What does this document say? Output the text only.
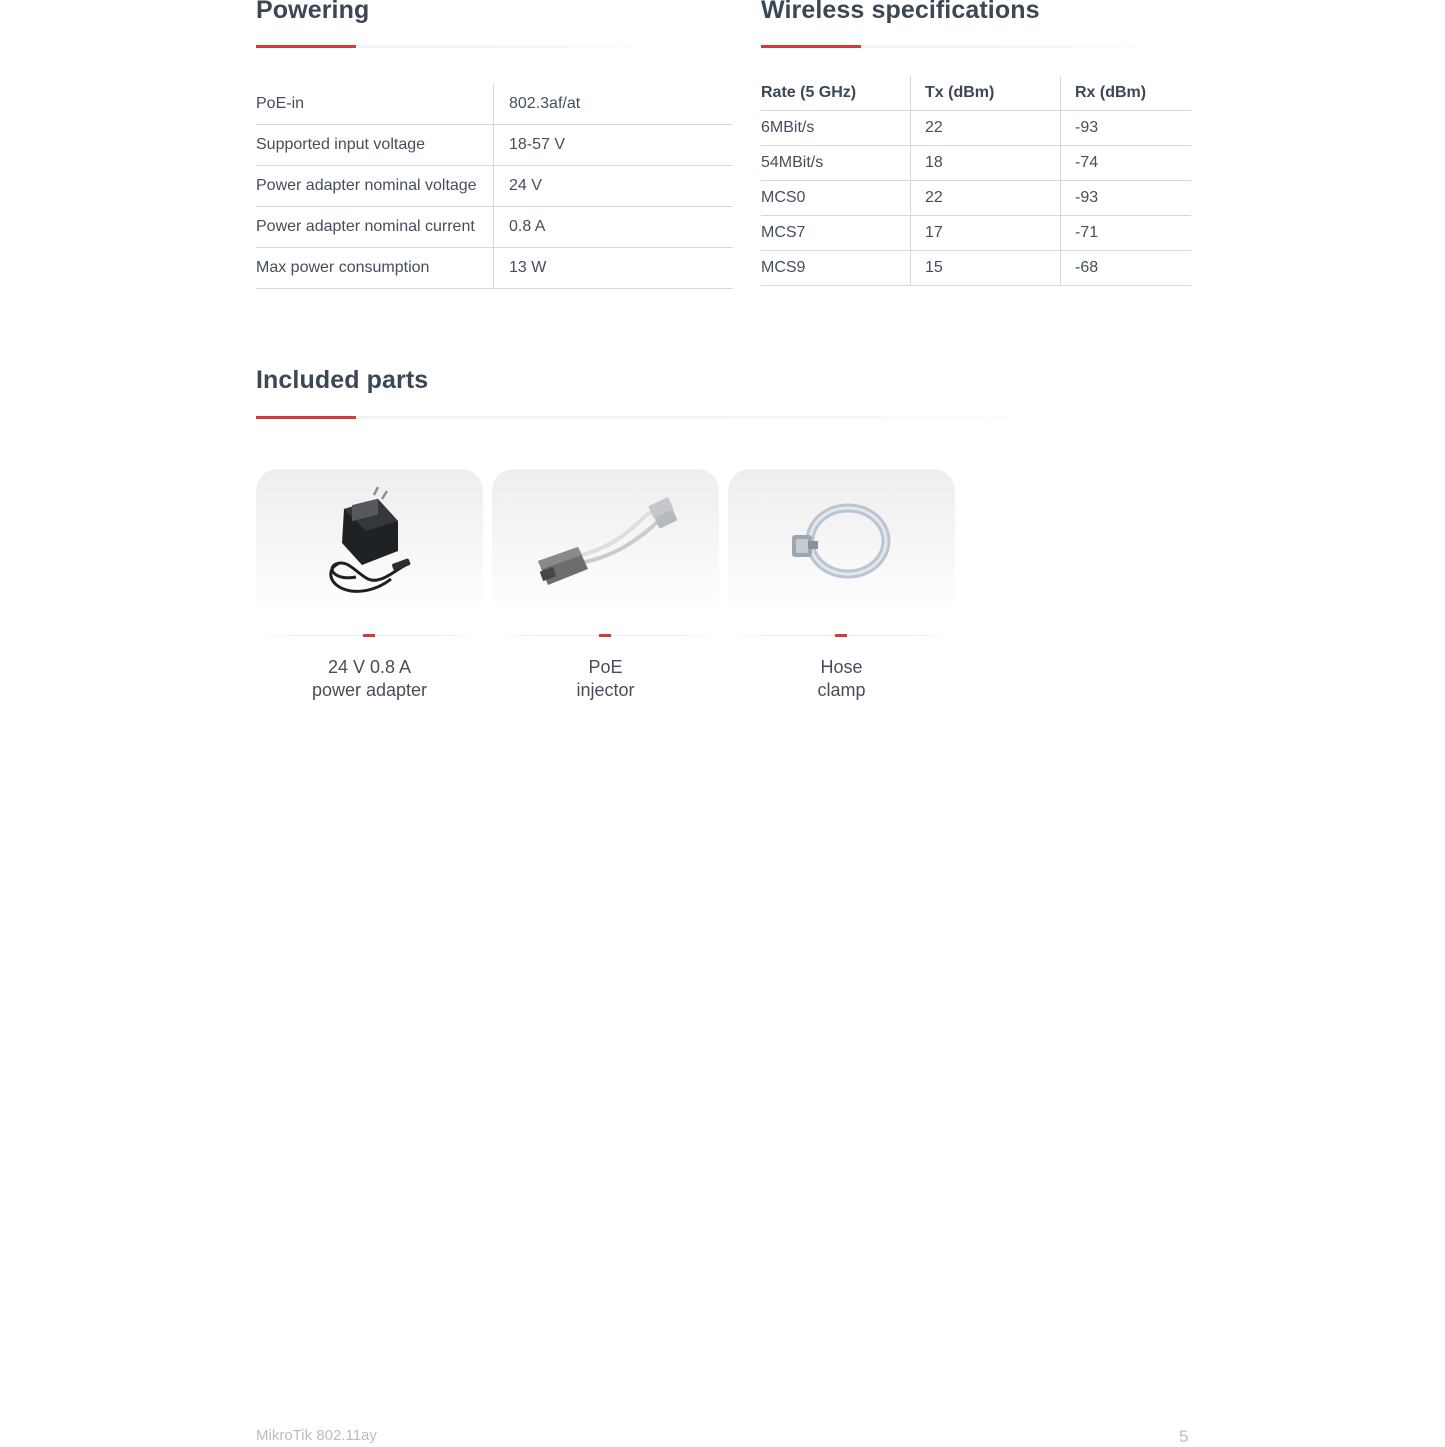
Powering
PoE-in	802.3af/at
Supported input voltage	18-57 V
Power adapter nominal voltage	24 V
Power adapter nominal current	0.8 A
Max power consumption	13 W
Wireless specifications
Rate (5 GHz)	Tx (dBm)	Rx (dBm)
6MBit/s	22	-93
54MBit/s	18	-74
MCS0	22	-93
MCS7	17	-71
MCS9	15	-68
Included parts
24 V 0.8 A
power adapter
PoE
injector
Hose
clamp
MikroTik 802.11ay	5
